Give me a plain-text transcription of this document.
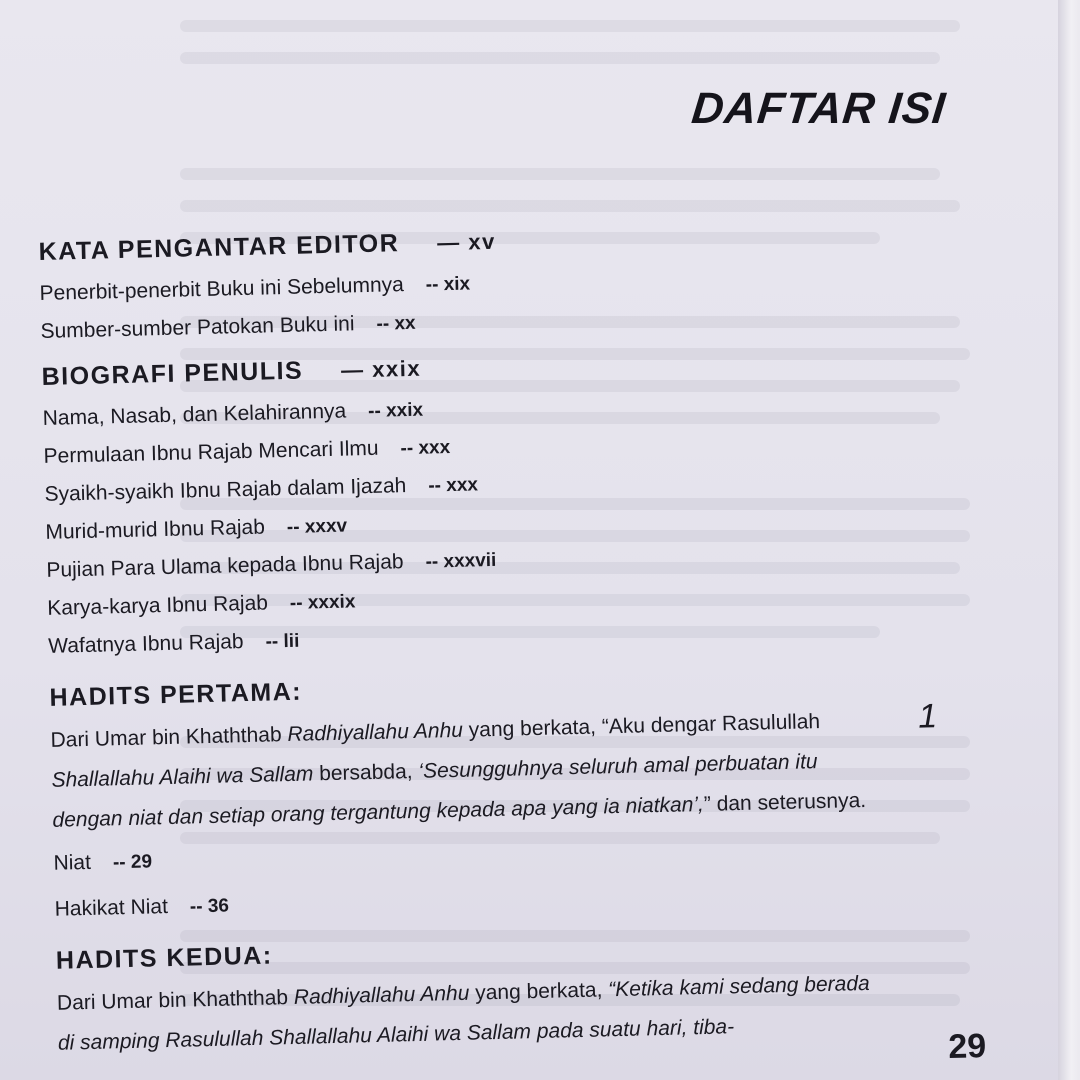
DAFTAR ISI
KATA PENGANTAR EDITOR — xv
Penerbit-penerbit Buku ini Sebelumnya -- xix
Sumber-sumber Patokan Buku ini -- xx
BIOGRAFI PENULIS — xxix
Nama, Nasab, dan Kelahirannya -- xxix
Permulaan Ibnu Rajab Mencari Ilmu -- xxx
Syaikh-syaikh Ibnu Rajab dalam Ijazah -- xxx
Murid-murid Ibnu Rajab -- xxxv
Pujian Para Ulama kepada Ibnu Rajab -- xxxvii
Karya-karya Ibnu Rajab -- xxxix
Wafatnya Ibnu Rajab -- lii
HADITS PERTAMA:
Dari Umar bin Khaththab Radhiyallahu Anhu yang berkata, “Aku dengar Rasulullah Shallallahu Alaihi wa Sallam bersabda, ‘Sesungguhnya seluruh amal perbuatan itu dengan niat dan setiap orang tergantung kepada apa yang ia niatkan’,” dan seterusnya.
1
Niat -- 29
Hakikat Niat -- 36
HADITS KEDUA:
Dari Umar bin Khaththab Radhiyallahu Anhu yang berkata, “Ketika kami sedang berada di samping Rasulullah Shallallahu Alaihi wa Sallam pada suatu hari, tiba-	29
